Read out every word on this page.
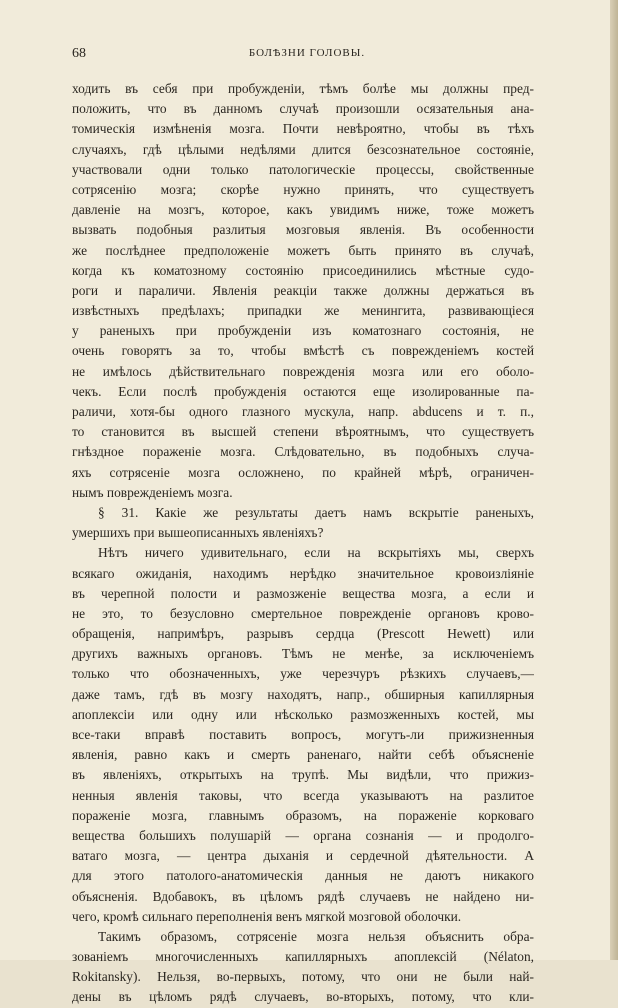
68	БОЛѢЗНИ ГОЛОВЫ.
ходить въ себя при пробужденіи, тѣмъ болѣе мы должны пред-
положить, что въ данномъ случаѣ произошли осязательныя ана-
томическія измѣненія мозга. Почти невѣроятно, чтобы въ тѣхъ
случаяхъ, гдѣ цѣлыми недѣлями длится безсознательное состояніе,
участвовали одни только патологическіе процессы, свойственные
сотрясенію мозга; скорѣе нужно принять, что существуетъ
давленіе на мозгъ, которое, какъ увидимъ ниже, тоже можетъ
вызвать подобныя разлитыя мозговыя явленія. Въ особенности
же послѣднее предположеніе можетъ быть принято въ случаѣ,
когда къ коматозному состоянію присоединились мѣстные судо-
роги и параличи. Явленія реакціи также должны держаться въ
извѣстныхъ предѣлахъ; припадки же менингита, развивающіеся
у раненыхъ при пробужденіи изъ коматознаго состоянія, не
очень говорятъ за то, чтобы вмѣстѣ съ поврежденіемъ костей
не имѣлось дѣйствительнаго поврежденія мозга или его оболо-
чекъ. Если послѣ пробужденія остаются еще изолированные па-
раличи, хотя-бы одного глазного мускула, напр. abducens и т. п.,
то становится въ высшей степени вѣроятнымъ, что существуетъ
гнѣздное пораженіе мозга. Слѣдовательно, въ подобныхъ случа-
яхъ сотрясеніе мозга осложнено, по крайней мѣрѣ, ограничен-
нымъ поврежденіемъ мозга.
§ 31. Какіе же результаты даетъ намъ вскрытіе раненыхъ,
умершихъ при вышеописанныхъ явленіяхъ?
Нѣтъ ничего удивительнаго, если на вскрытіяхъ мы, сверхъ
всякаго ожиданія, находимъ нерѣдко значительное кровоизліяніе
въ черепной полости и размозженіе вещества мозга, а если и
не это, то безусловно смертельное поврежденіе органовъ крово-
обращенія, напримѣръ, разрывъ сердца (Prescott Hewett) или
другихъ важныхъ органовъ. Тѣмъ не менѣе, за исключеніемъ
только что обозначенныхъ, уже черезчуръ рѣзкихъ случаевъ,—
даже тамъ, гдѣ въ мозгу находятъ, напр., обширныя капиллярныя
апоплексіи или одну или нѣсколько размозженныхъ костей, мы
все-таки вправѣ поставить вопросъ, могутъ-ли прижизненныя
явленія, равно какъ и смерть раненаго, найти себѣ объясненіе
въ явленіяхъ, открытыхъ на трупѣ. Мы видѣли, что прижиз-
ненныя явленія таковы, что всегда указываютъ на разлитое
пораженіе мозга, главнымъ образомъ, на пораженіе корковаго
вещества большихъ полушарій — органа сознанія — и продолго-
ватаго мозга, — центра дыханія и сердечной дѣятельности. А
для этого патолого-анатомическія данныя не даютъ никакого
объясненія. Вдобавокъ, въ цѣломъ рядѣ случаевъ не найдено ни-
чего, кромѣ сильнаго переполненія венъ мягкой мозговой оболочки.
Такимъ образомъ, сотрясеніе мозга нельзя объяснить обра-
зованіемъ многочисленныхъ капиллярныхъ апоплексій (Nélaton,
Rokitansky). Нельзя, во-первыхъ, потому, что они не были най-
дены въ цѣломъ рядѣ случаевъ, во-вторыхъ, потому, что кли-
